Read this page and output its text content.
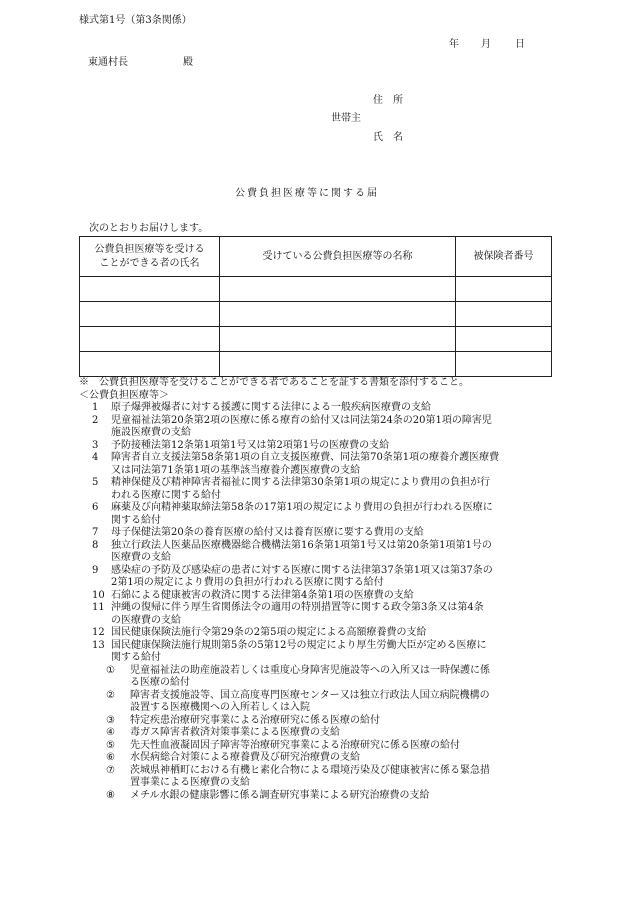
様式第1号（第3条関係）
年 月 日
東通村長	殿
住　所
世帯主
氏　名
公費負担医療等に関する届
次のとおりお届けします。
公費負担医療等を受ける
ことができる者の氏名	受けている公費負担医療等の名称	被保険者番号

※　公費負担医療等を受けることができる者であることを証する書類を添付すること。
＜公費負担医療等＞
1 原子爆弾被爆者に対する援護に関する法律による一般疾病医療費の支給

2 児童福祉法第20条第2項の医療に係る療育の給付又は同法第24条の20第1項の障害児

施設医療費の支給

3 予防接種法第12条第1項第1号又は第2項第1号の医療費の支給

4 障害者自立支援法第58条第1項の自立支援医療費、同法第70条第1項の療養介護医療費

又は同法第71条第1項の基準該当療養介護医療費の支給

5 精神保健及び精神障害者福祉に関する法律第30条第1項の規定により費用の負担が行

われる医療に関する給付

6 麻薬及び向精神薬取締法第58条の17第1項の規定により費用の負担が行われる医療に

関する給付

7 母子保健法第20条の養育医療の給付又は養育医療に要する費用の支給

8 独立行政法人医薬品医療機器総合機構法第16条第1項第1号又は第20条第1項第1号の

医療費の支給

9 感染症の予防及び感染症の患者に対する医療に関する法律第37条第1項又は第37条の

2第1項の規定により費用の負担が行われる医療に関する給付

10 石綿による健康被害の救済に関する法律第4条第1項の医療費の支給

11 沖縄の復帰に伴う厚生省関係法令の適用の特別措置等に関する政令第3条又は第4条

の医療費の支給

12 国民健康保険法施行令第29条の2第5項の規定による高額療養費の支給

13 国民健康保険法施行規則第5条の5第12号の規定により厚生労働大臣が定める医療に

関する給付

① 児童福祉法の助産施設若しくは重度心身障害児施設等への入所又は一時保護に係

る医療の給付

② 障害者支援施設等、国立高度専門医療センター又は独立行政法人国立病院機構の

設置する医療機関への入所若しくは入院

③ 特定疾患治療研究事業による治療研究に係る医療の給付

④ 毒ガス障害者救済対策事業による医療費の支給

⑤ 先天性血液凝固因子障害等治療研究事業による治療研究に係る医療の給付

⑥ 水俣病総合対策による療養費及び研究治療費の支給

⑦ 茨城県神栖町における有機ヒ素化合物による環境汚染及び健康被害に係る緊急措

置事業による医療費の支給

⑧ メチル水銀の健康影響に係る調査研究事業による研究治療費の支給
